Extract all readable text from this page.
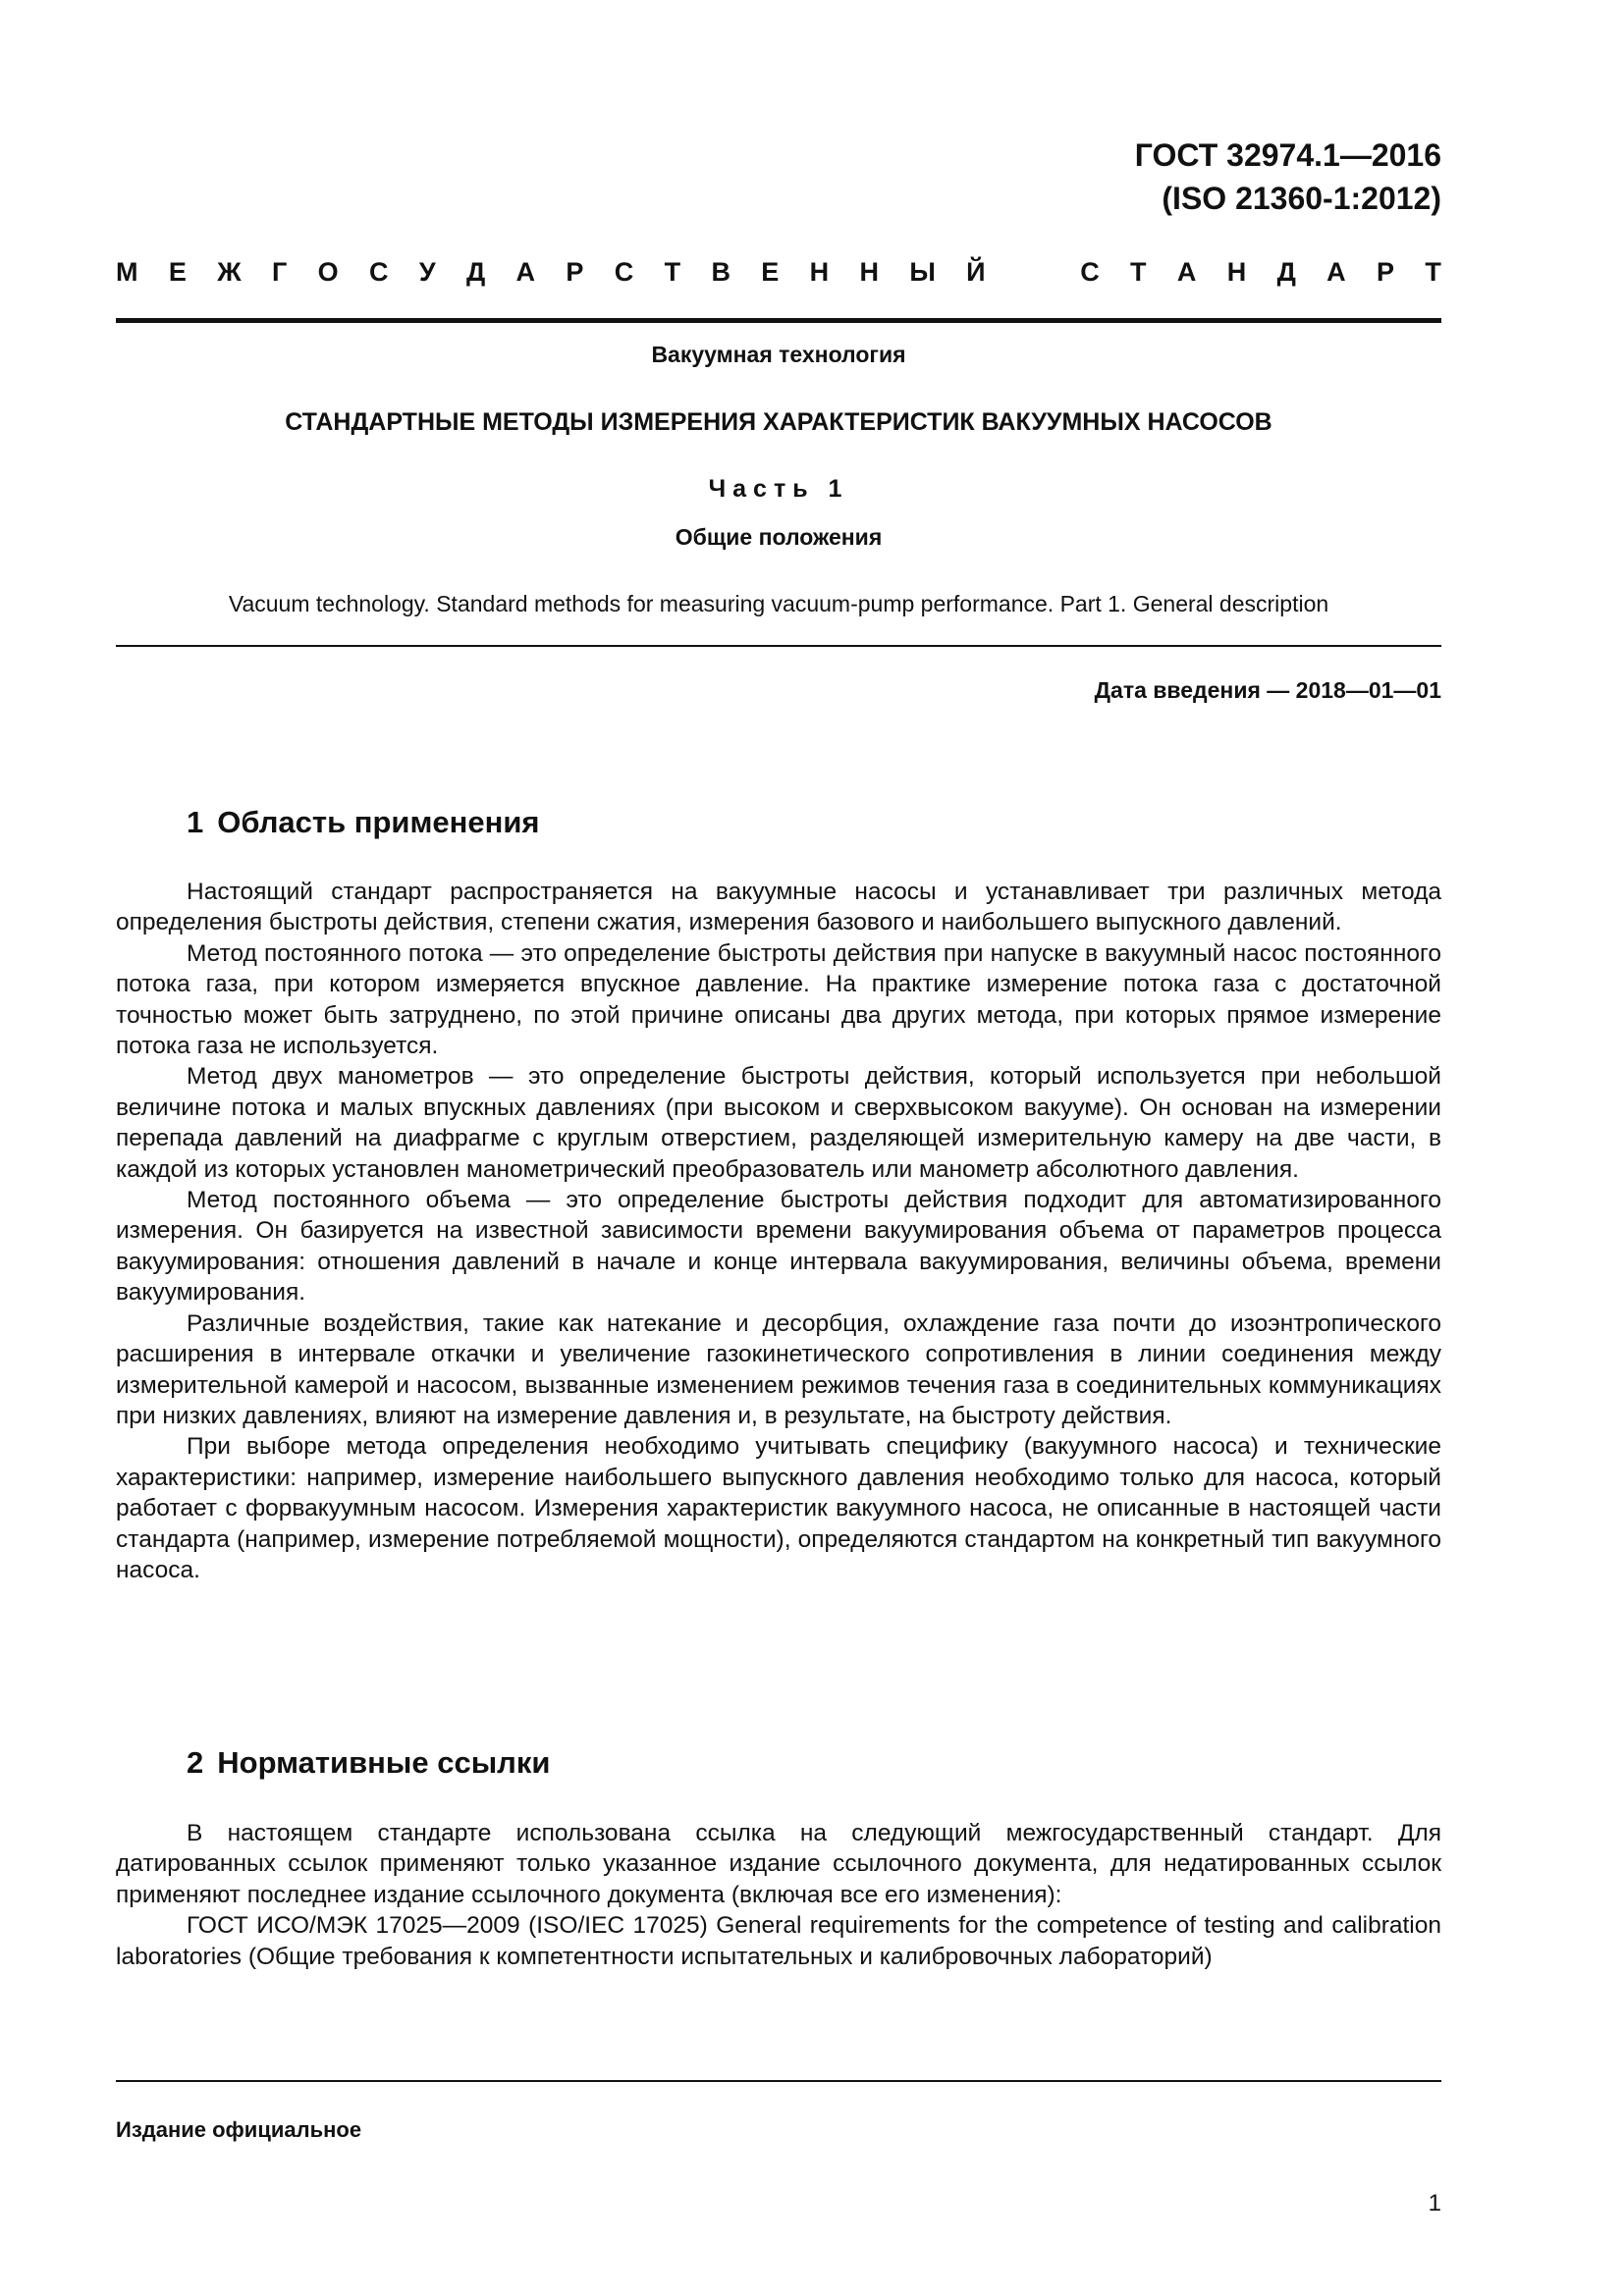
ГОСТ 32974.1—2016
(ISO 21360-1:2012)
М Е Ж Г О С У Д А Р С Т В Е Н Н Ы Й	С Т А Н Д А Р Т
Вакуумная технология
СТАНДАРТНЫЕ МЕТОДЫ ИЗМЕРЕНИЯ ХАРАКТЕРИСТИК ВАКУУМНЫХ НАСОСОВ
Часть 1
Общие положения
Vacuum technology. Standard methods for measuring vacuum-pump performance. Part 1. General description
Дата введения — 2018—01—01
1 Область применения

Настоящий стандарт распространяется на вакуумные насосы и устанавливает три различных метода определения быстроты действия, степени сжатия, измерения базового и наибольшего выпускного давлений.

Метод постоянного потока — это определение быстроты действия при напуске в вакуумный насос постоянного потока газа, при котором измеряется впускное давление. На практике измерение потока газа с достаточной точностью может быть затруднено, по этой причине описаны два других метода, при которых прямое измерение потока газа не используется.

Метод двух манометров — это определение быстроты действия, который используется при небольшой величине потока и малых впускных давлениях (при высоком и сверхвысоком вакууме). Он основан на измерении перепада давлений на диафрагме с круглым отверстием, разделяющей измерительную камеру на две части, в каждой из которых установлен манометрический преобразователь или манометр абсолютного давления.

Метод постоянного объема — это определение быстроты действия подходит для автоматизированного измерения. Он базируется на известной зависимости времени вакуумирования объема от параметров процесса вакуумирования: отношения давлений в начале и конце интервала вакуумирования, величины объема, времени вакуумирования.

Различные воздействия, такие как натекание и десорбция, охлаждение газа почти до изоэнтропического расширения в интервале откачки и увеличение газокинетического сопротивления в линии соединения между измерительной камерой и насосом, вызванные изменением режимов течения газа в соединительных коммуникациях при низких давлениях, влияют на измерение давления и, в результате, на быстроту действия.

При выборе метода определения необходимо учитывать специфику (вакуумного насоса) и технические характеристики: например, измерение наибольшего выпускного давления необходимо только для насоса, который работает с форвакуумным насосом. Измерения характеристик вакуумного насоса, не описанные в настоящей части стандарта (например, измерение потребляемой мощности), определяются стандартом на конкретный тип вакуумного насоса.

2 Нормативные ссылки

В настоящем стандарте использована ссылка на следующий межгосударственный стандарт. Для датированных ссылок применяют только указанное издание ссылочного документа, для недатированных ссылок применяют последнее издание ссылочного документа (включая все его изменения):

ГОСТ ИСО/МЭК 17025—2009 (ISO/IEC 17025) General requirements for the competence of testing and calibration laboratories (Общие требования к компетентности испытательных и калибровочных лабораторий)

Издание официальное
1
